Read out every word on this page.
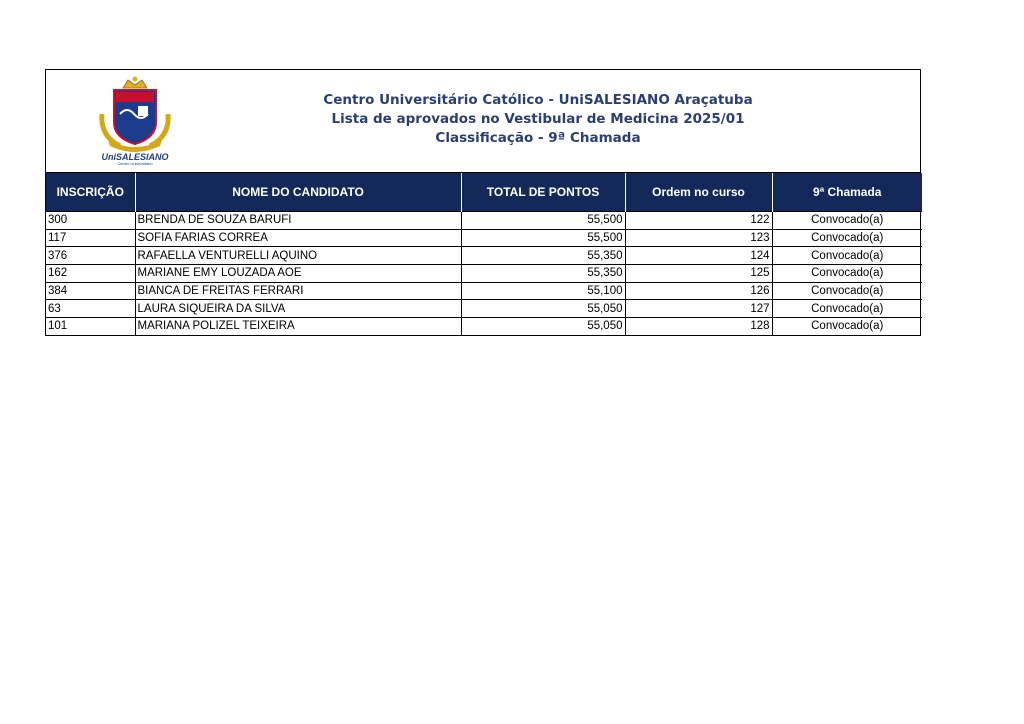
UniSALESIANO
Centro Universitário
Centro Universitário Católico - UniSALESIANO Araçatuba
Lista de aprovados no Vestibular de Medicina 2025/01
Classificação - 9ª Chamada
INSCRIÇÃO	NOME DO CANDIDATO	TOTAL DE PONTOS	Ordem no curso	9ª Chamada
300	BRENDA DE SOUZA BARUFI	55,500	122	Convocado(a)
117	SOFIA FARIAS CORREA	55,500	123	Convocado(a)
376	RAFAELLA VENTURELLI AQUINO	55,350	124	Convocado(a)
162	MARIANE EMY LOUZADA AOE	55,350	125	Convocado(a)
384	BIANCA DE FREITAS FERRARI	55,100	126	Convocado(a)
63	LAURA SIQUEIRA DA SILVA	55,050	127	Convocado(a)
101	MARIANA POLIZEL TEIXEIRA	55,050	128	Convocado(a)
